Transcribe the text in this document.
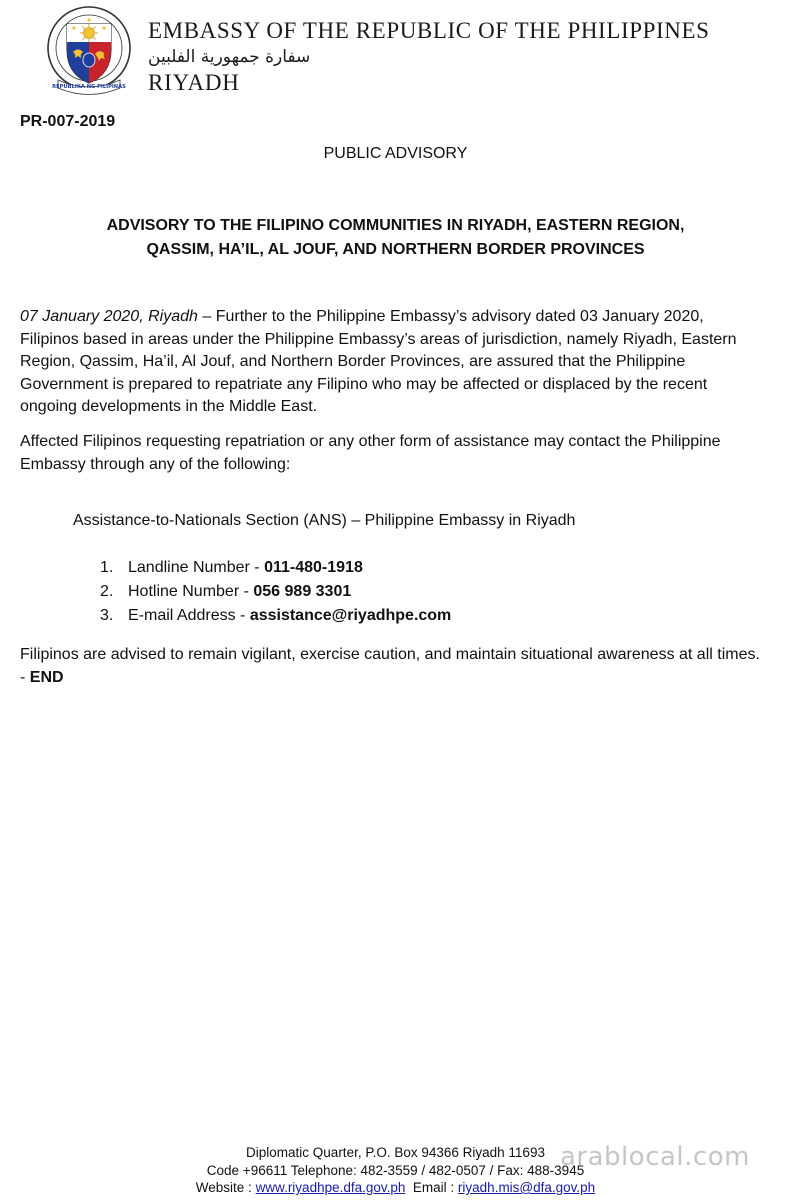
REPUBLIKA NG PILIPINAS
EMBASSY OF THE REPUBLIC OF THE PHILIPPINES
سفارة جمهورية الفلبين
RIYADH
PR-007-2019
PUBLIC ADVISORY
ADVISORY TO THE FILIPINO COMMUNITIES IN RIYADH, EASTERN REGION,
QASSIM, HA’IL, AL JOUF, AND NORTHERN BORDER PROVINCES
07 January 2020, Riyadh – Further to the Philippine Embassy’s advisory dated 03 January 2020, Filipinos based in areas under the Philippine Embassy’s areas of jurisdiction, namely Riyadh, Eastern Region, Qassim, Ha’il, Al Jouf, and Northern Border Provinces, are assured that the Philippine Government is prepared to repatriate any Filipino who may be affected or displaced by the recent ongoing developments in the Middle East.
Affected Filipinos requesting repatriation or any other form of assistance may contact the Philippine Embassy through any of the following:
Assistance-to-Nationals Section (ANS) – Philippine Embassy in Riyadh
1. Landline Number - 011-480-1918
2. Hotline Number - 056 989 3301
3. E-mail Address - assistance@riyadhpe.com
Filipinos are advised to remain vigilant, exercise caution, and maintain situational awareness at all times. - END
Diplomatic Quarter, P.O. Box 94366 Riyadh 11693
Code +96611 Telephone: 482-3559 / 482-0507 / Fax: 488-3945
Website : www.riyadhpe.dfa.gov.ph  Email : riyadh.mis@dfa.gov.ph
arablocal.com
